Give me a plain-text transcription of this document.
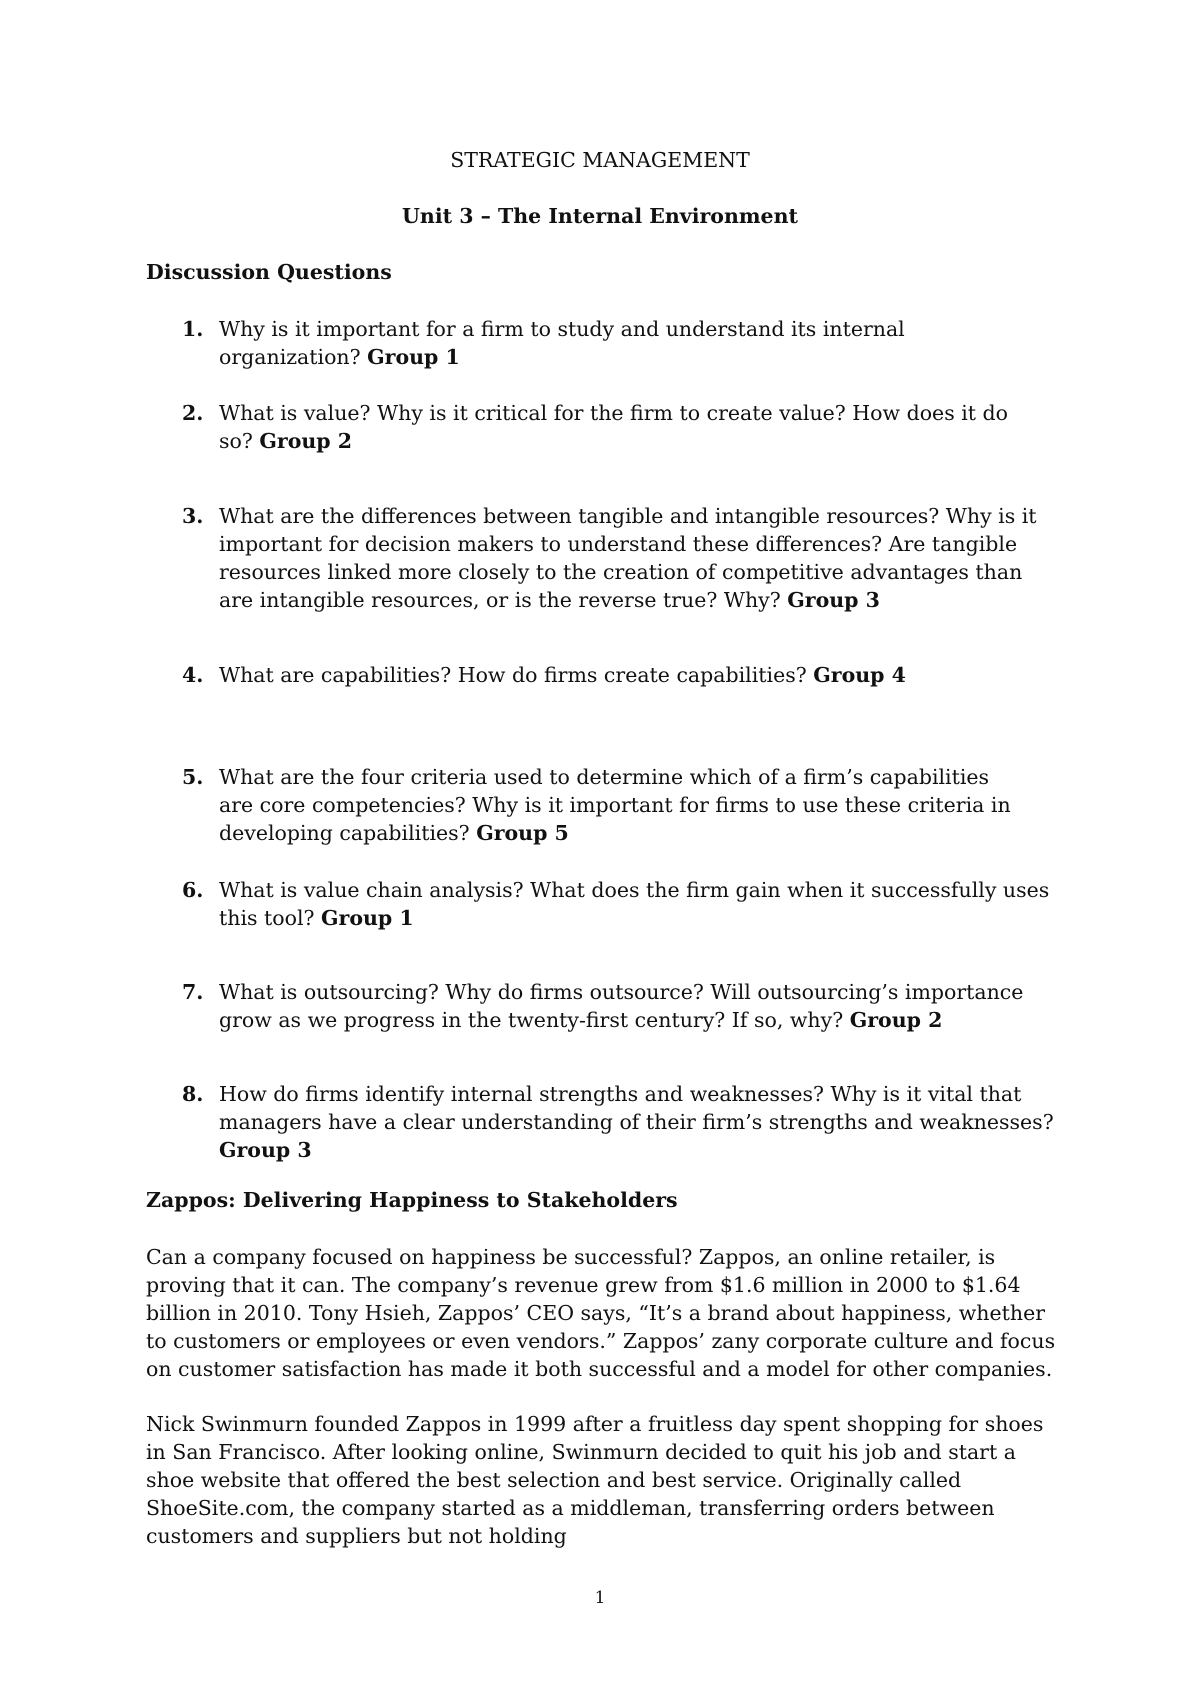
STRATEGIC MANAGEMENT
Unit 3 – The Internal Environment
Discussion Questions
1. Why is it important for a firm to study and understand its internal organization? Group 1
2. What is value? Why is it critical for the firm to create value? How does it do so? Group 2
3. What are the differences between tangible and intangible resources? Why is it important for decision makers to understand these differences? Are tangible resources linked more closely to the creation of competitive advantages than are intangible resources, or is the reverse true? Why? Group 3
4. What are capabilities? How do firms create capabilities? Group 4
5. What are the four criteria used to determine which of a firm’s capabilities are core competencies? Why is it important for firms to use these criteria in developing capabilities? Group 5
6. What is value chain analysis? What does the firm gain when it successfully uses this tool? Group 1
7. What is outsourcing? Why do firms outsource? Will outsourcing’s importance grow as we progress in the twenty-first century? If so, why? Group 2
8. How do firms identify internal strengths and weaknesses? Why is it vital that managers have a clear understanding of their firm’s strengths and weaknesses? Group 3
Zappos: Delivering Happiness to Stakeholders
Can a company focused on happiness be successful? Zappos, an online retailer, is proving that it can. The company’s revenue grew from $1.6 million in 2000 to $1.64 billion in 2010. Tony Hsieh, Zappos’ CEO says, “It’s a brand about happiness, whether to customers or employees or even vendors.” Zappos’ zany corporate culture and focus on customer satisfaction has made it both successful and a model for other companies.
Nick Swinmurn founded Zappos in 1999 after a fruitless day spent shopping for shoes in San Francisco. After looking online, Swinmurn decided to quit his job and start a shoe website that offered the best selection and best service. Originally called ShoeSite.com, the company started as a middleman, transferring orders between customers and suppliers but not holding
1
